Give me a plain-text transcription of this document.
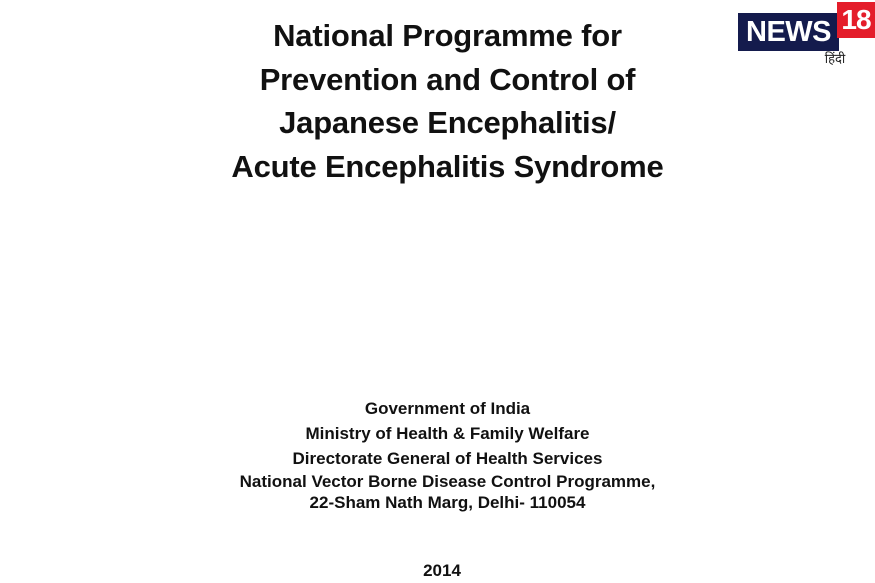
National Programme for
Prevention and Control of
Japanese Encephalitis/
Acute Encephalitis Syndrome
NEWS 18
हिंदी
Government of India
Ministry of Health & Family Welfare
Directorate General of Health Services
National Vector Borne Disease Control Programme,
22-Sham Nath Marg, Delhi- 110054
2014
